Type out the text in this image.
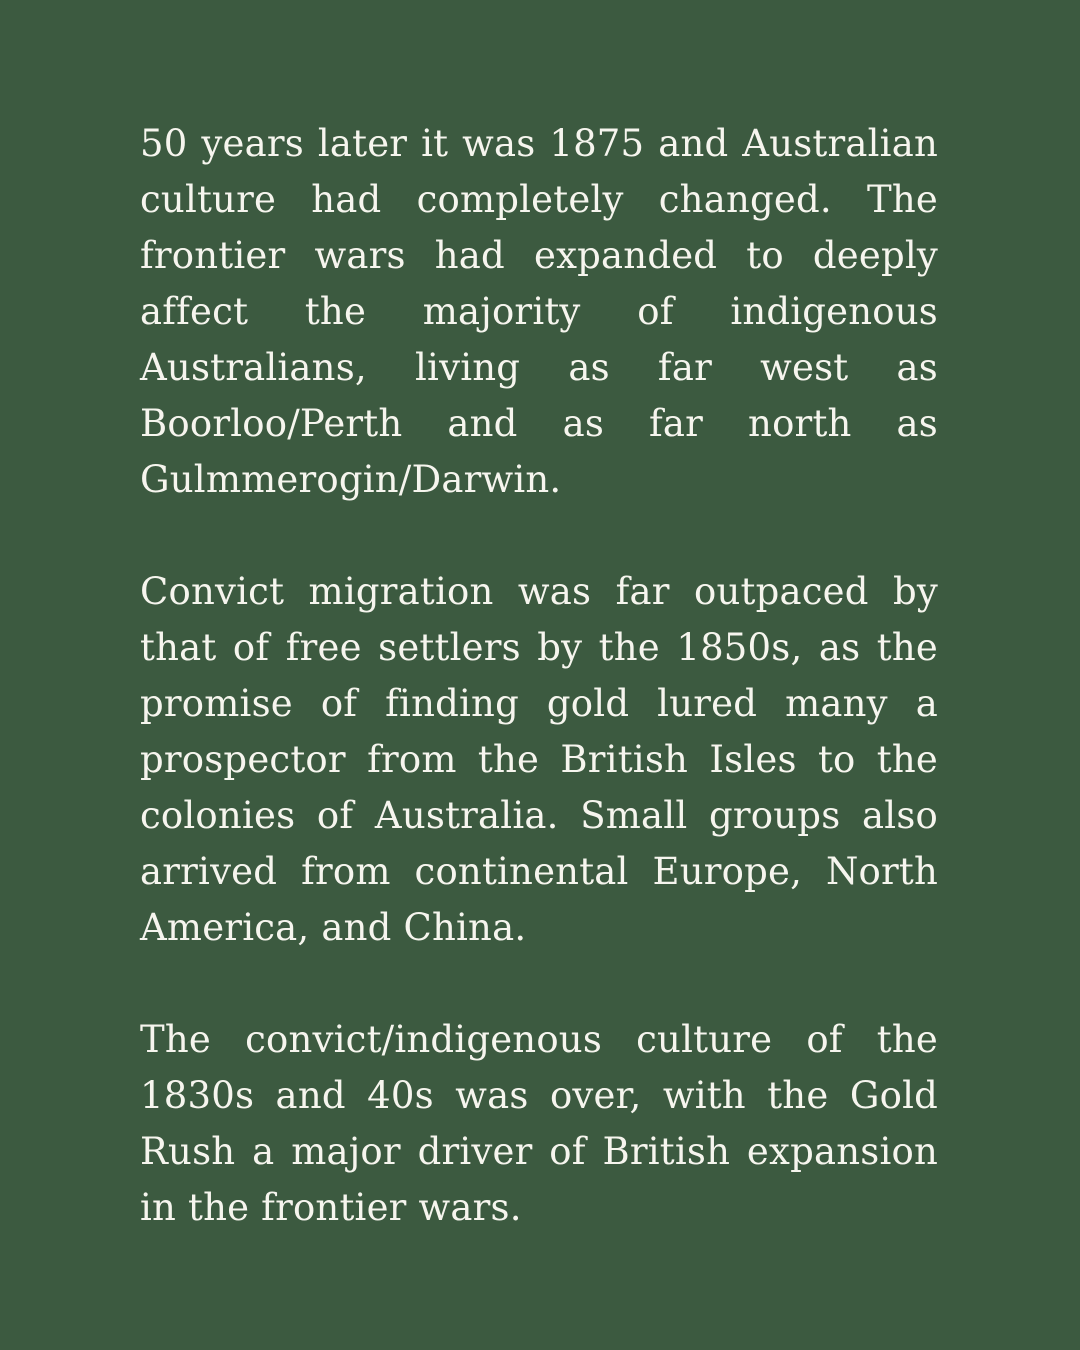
50 years later it was 1875 and Australian culture had completely changed. The frontier wars had expanded to deeply affect the majority of indigenous Australians, living as far west as Boorloo/Perth and as far north as Gulmmerogin/Darwin.

Convict migration was far outpaced by that of free settlers by the 1850s, as the promise of finding gold lured many a prospector from the British Isles to the colonies of Australia. Small groups also arrived from continental Europe, North America, and China.

The convict/indigenous culture of the 1830s and 40s was over, with the Gold Rush a major driver of British expansion in the frontier wars.
